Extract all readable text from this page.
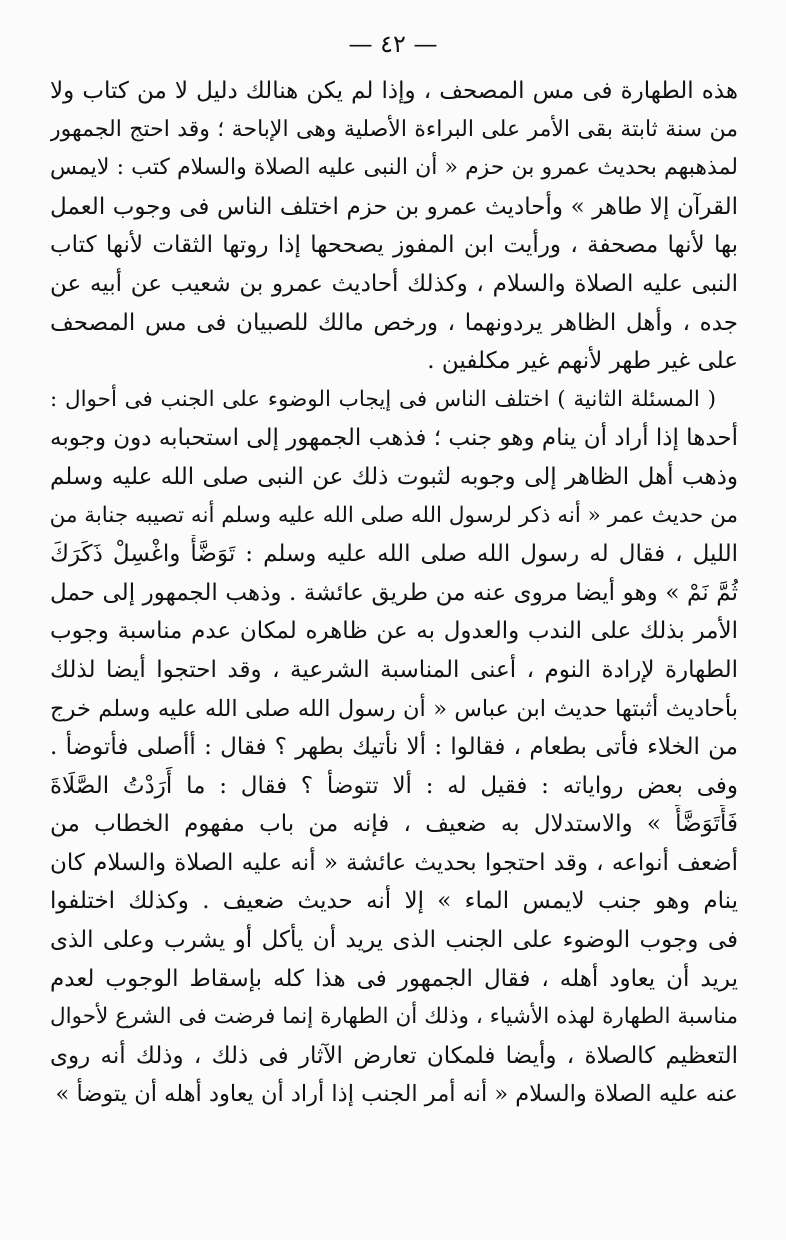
— ٤٢ —
هذه الطهارة فى مس المصحف ، وإذا لم يكن هنالك دليل لا من كتاب ولا
من سنة ثابتة بقى الأمر على البراءة الأصلية وهى الإباحة ؛ وقد احتج الجمهور
لمذهبهم بحديث عمرو بن حزم « أن النبى عليه الصلاة والسلام كتب : لايمس
القرآن إلا طاهر » وأحاديث عمرو بن حزم اختلف الناس فى وجوب العمل
بها لأنها مصحفة ، ورأيت ابن المفوز يصححها إذا روتها الثقات لأنها كتاب
النبى عليه الصلاة والسلام ، وكذلك أحاديث عمرو بن شعيب عن أبيه عن
جده ، وأهل الظاهر يردونهما ، ورخص مالك للصبيان فى مس المصحف
على غير طهر لأنهم غير مكلفين .
( المسئلة الثانية ) اختلف الناس فى إيجاب الوضوء على الجنب فى أحوال :
أحدها إذا أراد أن ينام وهو جنب ؛ فذهب الجمهور إلى استحبابه دون وجوبه
وذهب أهل الظاهر إلى وجوبه لثبوت ذلك عن النبى صلى الله عليه وسلم
من حديث عمر « أنه ذكر لرسول الله صلى الله عليه وسلم أنه تصيبه جنابة من
الليل ، فقال له رسول الله صلى الله عليه وسلم : تَوَضَّأْ واغْسِلْ ذَكَرَكَ
ثُمَّ نَمْ » وهو أيضا مروى عنه من طريق عائشة . وذهب الجمهور إلى حمل
الأمر بذلك على الندب والعدول به عن ظاهره لمكان عدم مناسبة وجوب
الطهارة لإرادة النوم ، أعنى المناسبة الشرعية ، وقد احتجوا أيضا لذلك
بأحاديث أثبتها حديث ابن عباس « أن رسول الله صلى الله عليه وسلم خرج
من الخلاء فأتى بطعام ، فقالوا : ألا نأتيك بطهر ؟ فقال : أأصلى فأتوضأ .
وفى بعض رواياته : فقيل له : ألا تتوضأ ؟ فقال : ما أَرَدْتُ الصَّلَاةَ
فَأَتَوَضَّأَ » والاستدلال به ضعيف ، فإنه من باب مفهوم الخطاب من
أضعف أنواعه ، وقد احتجوا بحديث عائشة « أنه عليه الصلاة والسلام كان
ينام وهو جنب لايمس الماء » إلا أنه حديث ضعيف . وكذلك اختلفوا
فى وجوب الوضوء على الجنب الذى يريد أن يأكل أو يشرب وعلى الذى
يريد أن يعاود أهله ، فقال الجمهور فى هذا كله بإسقاط الوجوب لعدم
مناسبة الطهارة لهذه الأشياء ، وذلك أن الطهارة إنما فرضت فى الشرع لأحوال
التعظيم كالصلاة ، وأيضا فلمكان تعارض الآثار فى ذلك ، وذلك أنه روى
عنه عليه الصلاة والسلام « أنه أمر الجنب إذا أراد أن يعاود أهله أن يتوضأ »
